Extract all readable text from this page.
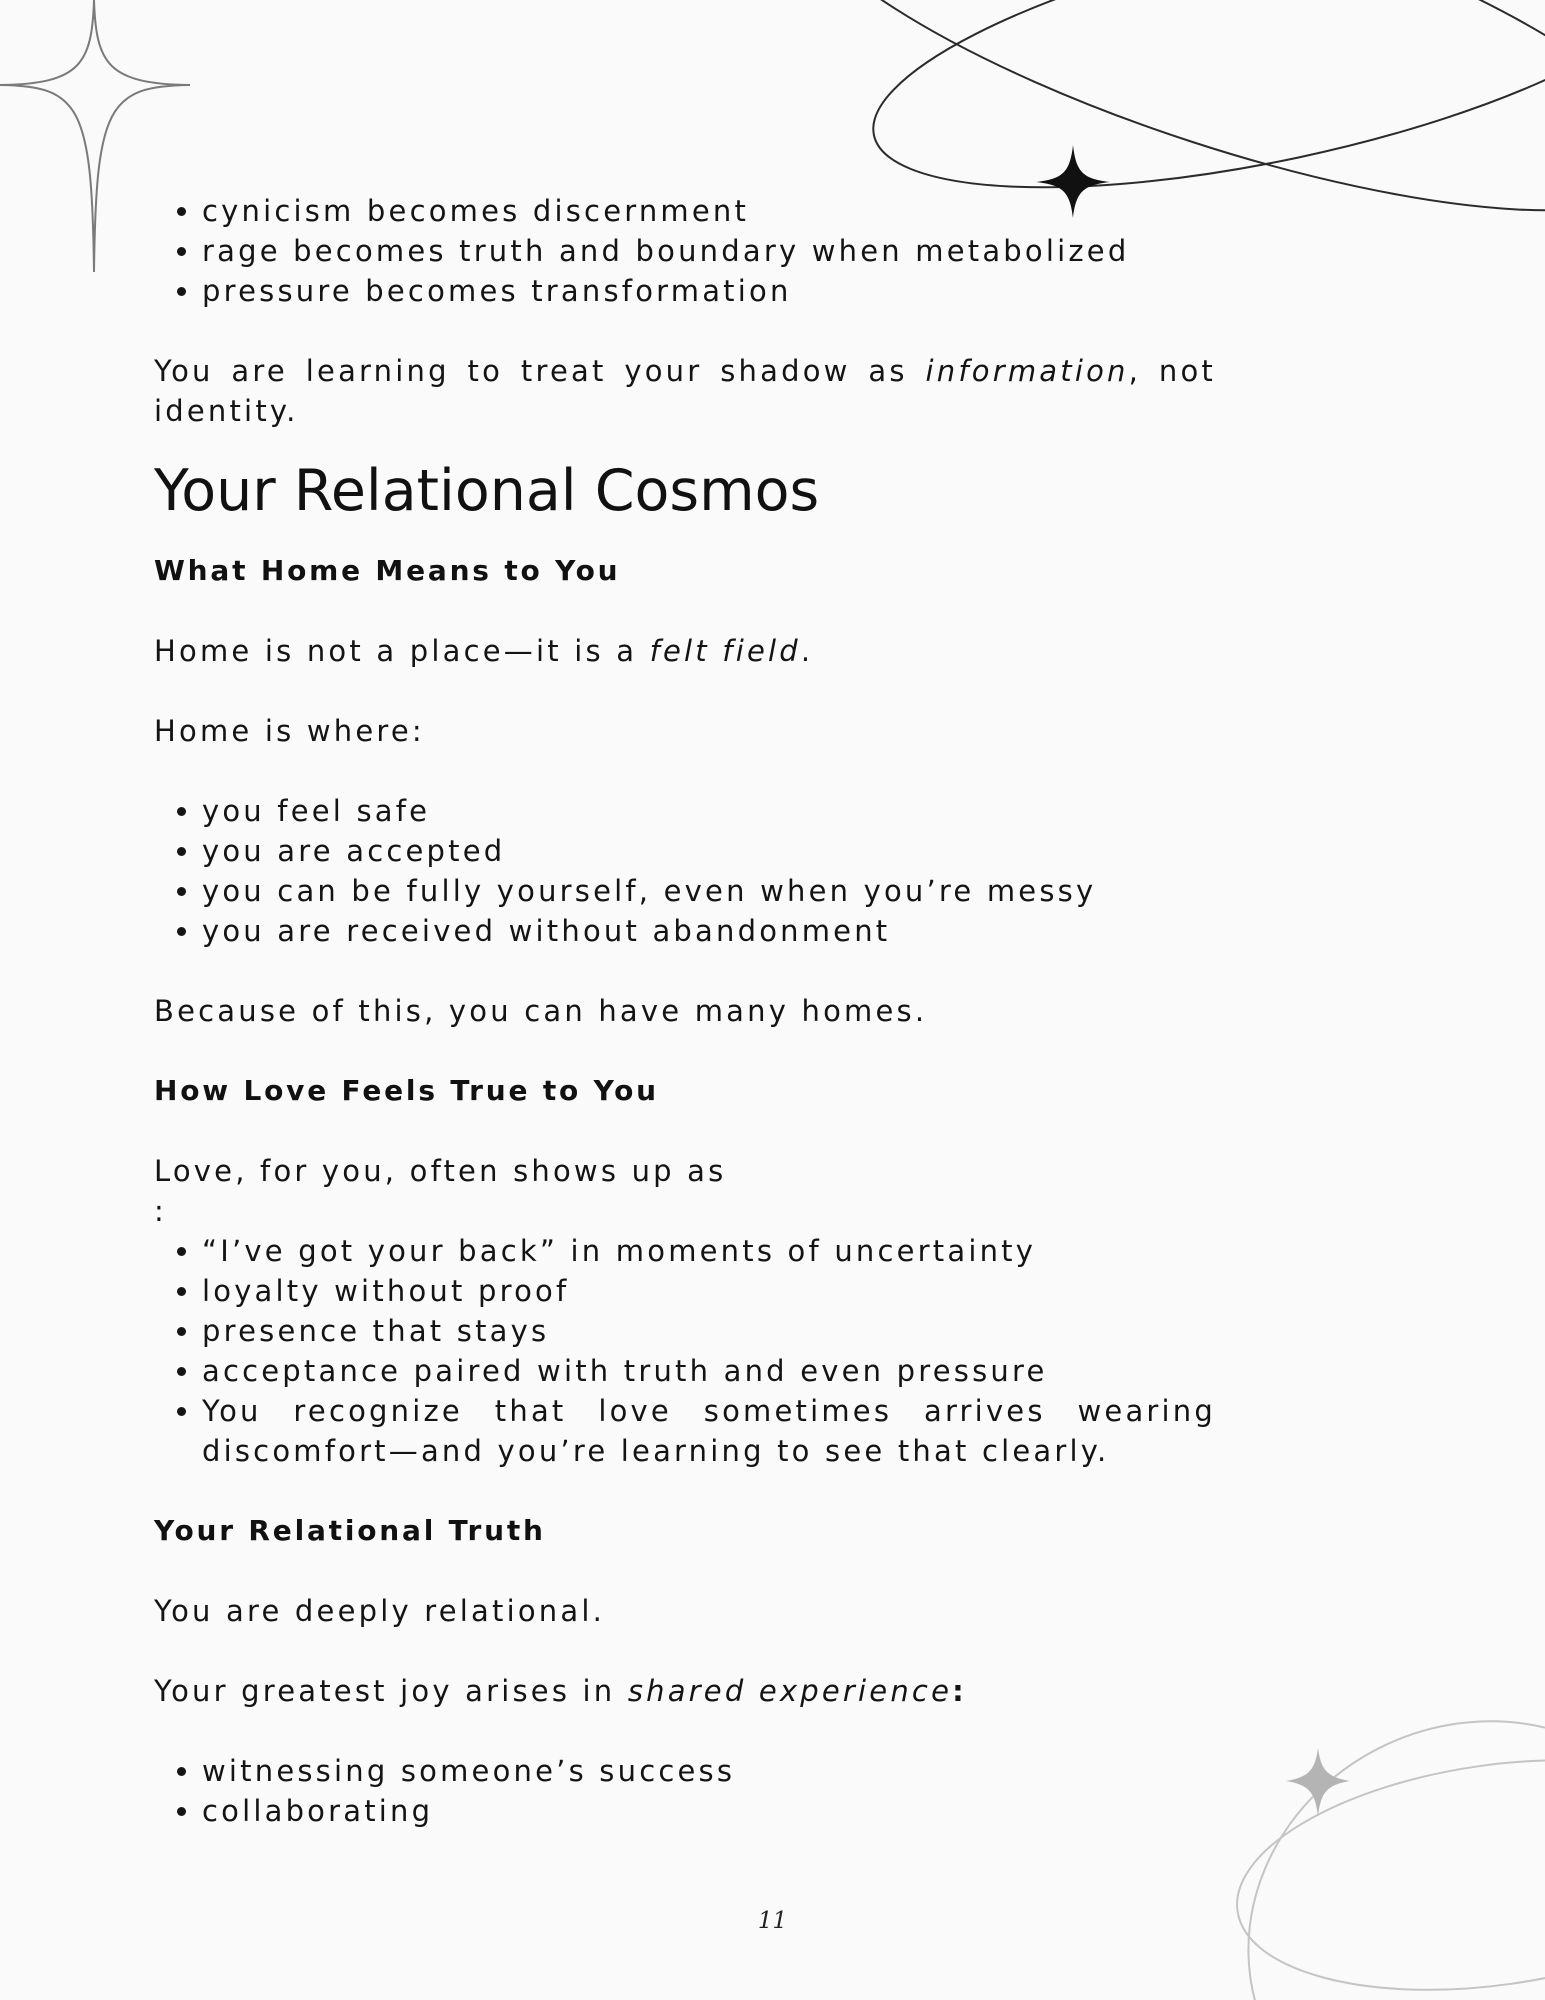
• cynicism becomes discernment
• rage becomes truth and boundary when metabolized
• pressure becomes transformation

You are learning to treat your shadow as information, not identity.

Your Relational Cosmos
What Home Means to You

Home is not a place—it is a felt field.

Home is where:

• you feel safe
• you are accepted
• you can be fully yourself, even when you’re messy
• you are received without abandonment

Because of this, you can have many homes.

How Love Feels True to You

Love, for you, often shows up as

:

• “I’ve got your back” in moments of uncertainty
• loyalty without proof
• presence that stays
• acceptance paired with truth and even pressure
• You recognize that love sometimes arrives wearing discomfort—and you’re learning to see that clearly.
Your Relational Truth

You are deeply relational.

Your greatest joy arises in shared experience:

• witnessing someone’s success
• collaborating
11
